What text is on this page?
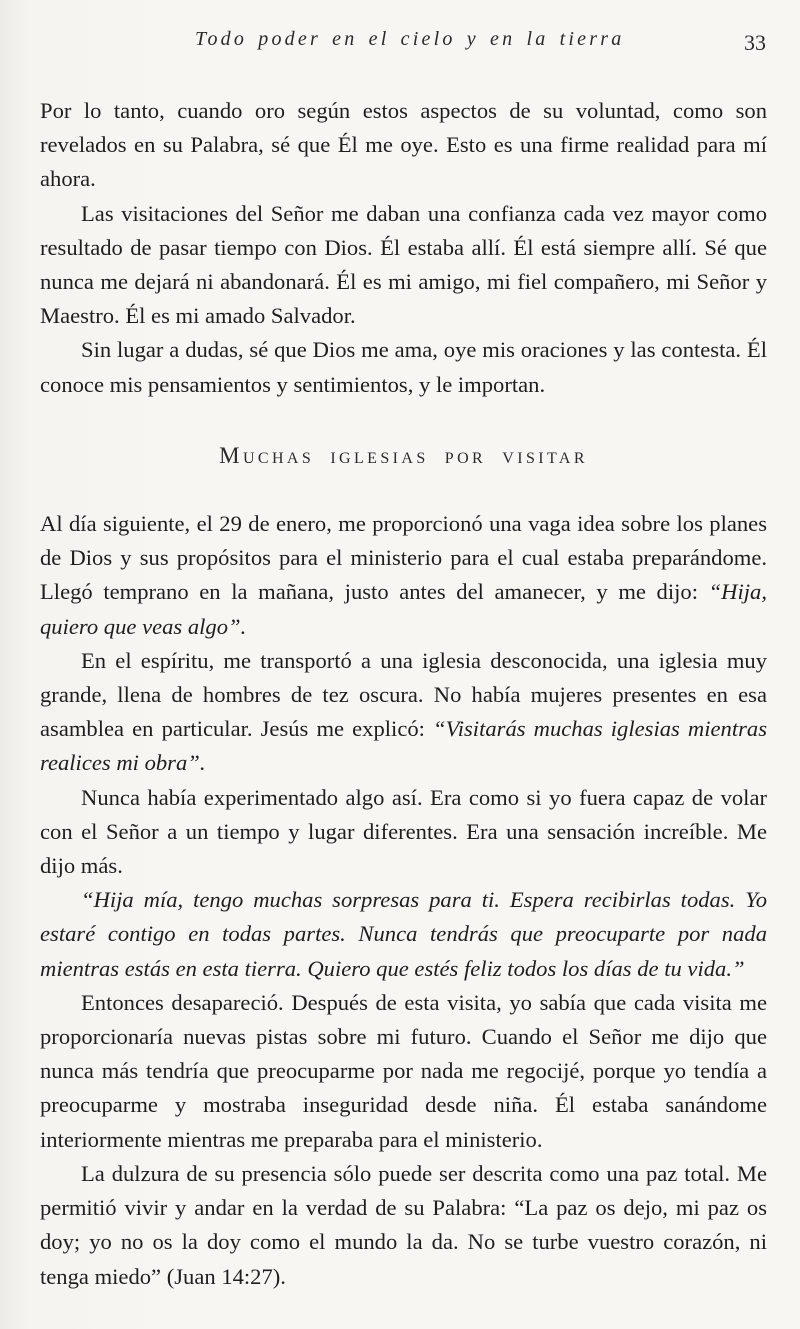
Todo poder en el cielo y en la tierra	33

Por lo tanto, cuando oro según estos aspectos de su voluntad, como son revelados en su Palabra, sé que Él me oye. Esto es una firme realidad para mí ahora.

Las visitaciones del Señor me daban una confianza cada vez mayor como resultado de pasar tiempo con Dios. Él estaba allí. Él está siempre allí. Sé que nunca me dejará ni abandonará. Él es mi amigo, mi fiel compañero, mi Señor y Maestro. Él es mi amado Salvador.

Sin lugar a dudas, sé que Dios me ama, oye mis oraciones y las contesta. Él conoce mis pensamientos y sentimientos, y le importan.

Muchas iglesias por visitar

Al día siguiente, el 29 de enero, me proporcionó una vaga idea sobre los planes de Dios y sus propósitos para el ministerio para el cual estaba preparándome. Llegó temprano en la mañana, justo antes del amanecer, y me dijo: “Hija, quiero que veas algo”.

En el espíritu, me transportó a una iglesia desconocida, una iglesia muy grande, llena de hombres de tez oscura. No había mujeres presentes en esa asamblea en particular. Jesús me explicó: “Visitarás muchas iglesias mientras realices mi obra”.

Nunca había experimentado algo así. Era como si yo fuera capaz de volar con el Señor a un tiempo y lugar diferentes. Era una sensación increíble. Me dijo más.

“Hija mía, tengo muchas sorpresas para ti. Espera recibirlas todas. Yo estaré contigo en todas partes. Nunca tendrás que preocuparte por nada mientras estás en esta tierra. Quiero que estés feliz todos los días de tu vida.”

Entonces desapareció. Después de esta visita, yo sabía que cada visita me proporcionaría nuevas pistas sobre mi futuro. Cuando el Señor me dijo que nunca más tendría que preocuparme por nada me regocijé, porque yo tendía a preocuparme y mostraba inseguridad desde niña. Él estaba sanándome interiormente mientras me preparaba para el ministerio.

La dulzura de su presencia sólo puede ser descrita como una paz total. Me permitió vivir y andar en la verdad de su Palabra: “La paz os dejo, mi paz os doy; yo no os la doy como el mundo la da. No se turbe vuestro corazón, ni tenga miedo” (Juan 14:27).
